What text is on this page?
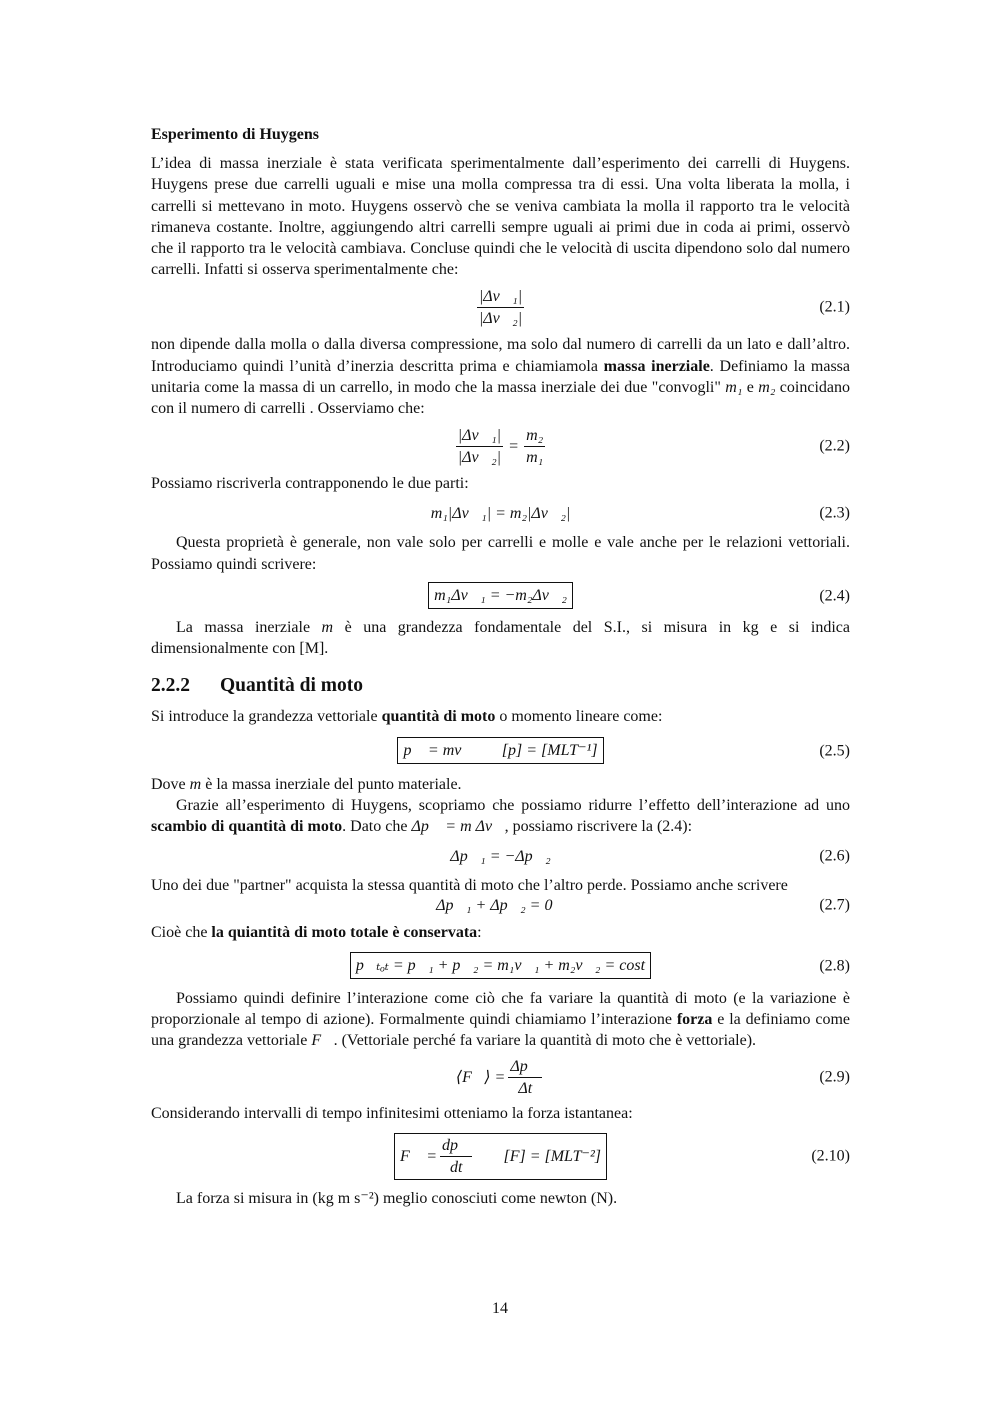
Esperimento di Huygens

L’idea di massa inerziale è stata verificata sperimentalmente dall’esperimento dei carrelli di Huygens. Huygens prese due carrelli uguali e mise una molla compressa tra di essi. Una volta liberata la molla, i carrelli si mettevano in moto. Huygens osservò che se veniva cambiata la molla il rapporto tra le velocità rimaneva costante. Inoltre, aggiungendo altri carrelli sempre uguali ai primi due in coda ai primi, osservò che il rapporto tra le velocità cambiava. Concluse quindi che le velocità di uscita dipendono solo dal numero carrelli. Infatti si osserva sperimentalmente che:

$\frac{\text{|Δv⃗₁|}}{\text{|Δv⃗₂|}}$	(2.1)

non dipende dalla molla o dalla diversa compressione, ma solo dal numero di carrelli da un lato e dall’altro. Introduciamo quindi l’unità d’inerzia descritta prima e chiamiamola massa inerziale. Definiamo la massa unitaria come la massa di un carrello, in modo che la massa inerziale dei due "convogli" m₁ e m₂ coincidano con il numero di carrelli . Osserviamo che:

$\frac{\text{|Δv⃗₁|}}{\text{|Δv⃗₂|}} = \frac{\text{m₂}}{\text{m₁}}$	(2.2)

Possiamo riscriverla contrapponendo le due parti:

m₁|Δv⃗₁| = m₂|Δv⃗₂|	(2.3)

Questa proprietà è generale, non vale solo per carrelli e molle e vale anche per le relazioni vettoriali. Possiamo quindi scrivere:

m₁Δv⃗₁ = −m₂Δv⃗₂	(2.4)

La massa inerziale m è una grandezza fondamentale del S.I., si misura in kg e si indica dimensionalmente con [M].

2.2.2 Quantità di moto

Si introduce la grandezza vettoriale quantità di moto o momento lineare come:

p⃗ = mv⃗ [p] = [MLT⁻¹]	(2.5)

Dove m è la massa inerziale del punto materiale.

Grazie all’esperimento di Huygens, scopriamo che possiamo ridurre l’effetto dell’interazione ad uno scambio di quantità di moto. Dato che Δp⃗ = m Δv⃗, possiamo riscrivere la (2.4):

Δp⃗₁ = −Δp⃗₂	(2.6)

Uno dei due "partner" acquista la stessa quantità di moto che l’altro perde. Possiamo anche scrivere

Δp⃗₁ + Δp⃗₂ = 0⃗	(2.7)

Cioè che la quiantità di moto totale è conservata:

p⃗ₜₒₜ = p⃗₁ + p⃗₂ = m₁v⃗₁ + m₂v⃗₂ = cost	(2.8)

Possiamo quindi definire l’interazione come ciò che fa variare la quantità di moto (e la variazione è proporzionale al tempo di azione). Formalmente quindi chiamiamo l’interazione forza e la definiamo come una grandezza vettoriale F⃗. (Vettoriale perché fa variare la quantità di moto che è vettoriale).

⟨F⃗⟩ = $\frac{\Delta p⃗}{\Delta t}$	(2.9)

Considerando intervalli di tempo infinitesimi otteniamo la forza istantanea:

F⃗ = $\frac{dp⃗}{dt} [F] = [MLT^{-2}]$	(2.10)

La forza si misura in (kg m s⁻²) meglio conosciuti come newton (N).

14
